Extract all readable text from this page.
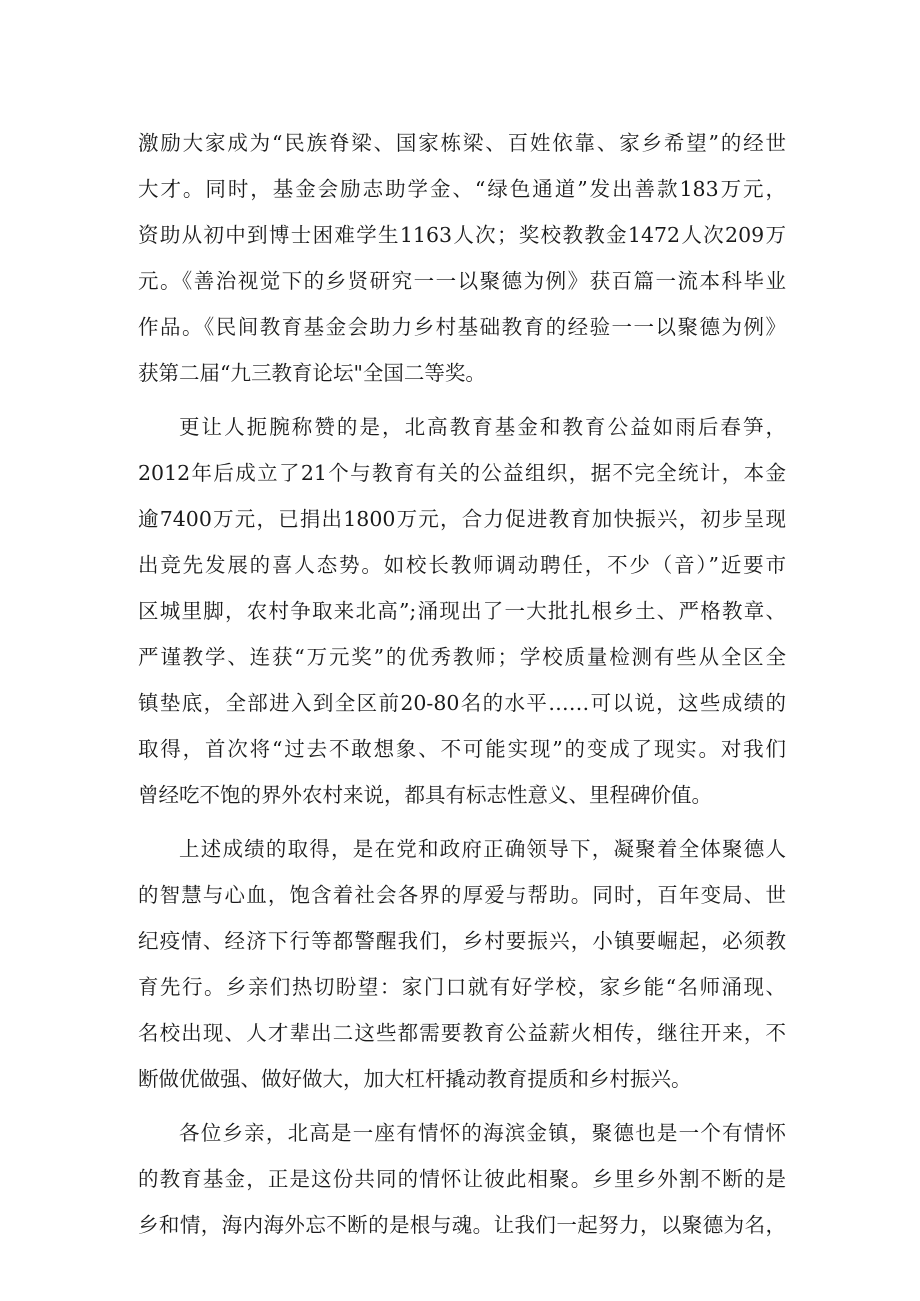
激励大家成为“民族脊梁、国家栋梁、百姓依靠、家乡希望”的经世
大才。同时，基金会励志助学金、“绿色通道”发出善款183万元，
资助从初中到博士困难学生1163人次；奖校教教金1472人次209万
元。《善治视觉下的乡贤研究一一以聚德为例》获百篇一流本科毕业
作品。《民间教育基金会助力乡村基础教育的经验一一以聚德为例》
获第二届“九三教育论坛"全国二等奖。

更让人扼腕称赞的是，北高教育基金和教育公益如雨后春笋，
2012年后成立了21个与教育有关的公益组织，据不完全统计，本金
逾7400万元，已捐出1800万元，合力促进教育加快振兴，初步呈现
出竞先发展的喜人态势。如校长教师调动聘任，不少（音）”近要市
区城里脚，农村争取来北高”;涌现出了一大批扎根乡土、严格教章、
严谨教学、连获“万元奖”的优秀教师；学校质量检测有些从全区全
镇垫底，全部进入到全区前20-80名的水平……可以说，这些成绩的
取得，首次将“过去不敢想象、不可能实现”的变成了现实。对我们
曾经吃不饱的界外农村来说，都具有标志性意义、里程碑价值。

上述成绩的取得，是在党和政府正确领导下，凝聚着全体聚德人
的智慧与心血，饱含着社会各界的厚爱与帮助。同时，百年变局、世
纪疫情、经济下行等都警醒我们，乡村要振兴，小镇要崛起，必须教
育先行。乡亲们热切盼望：家门口就有好学校，家乡能“名师涌现、
名校出现、人才辈出二这些都需要教育公益薪火相传，继往开来，不
断做优做强、做好做大，加大杠杆撬动教育提质和乡村振兴。

各位乡亲，北高是一座有情怀的海滨金镇，聚德也是一个有情怀
的教育基金，正是这份共同的情怀让彼此相聚。乡里乡外割不断的是
乡和情，海内海外忘不断的是根与魂。让我们一起努力，以聚德为名，
